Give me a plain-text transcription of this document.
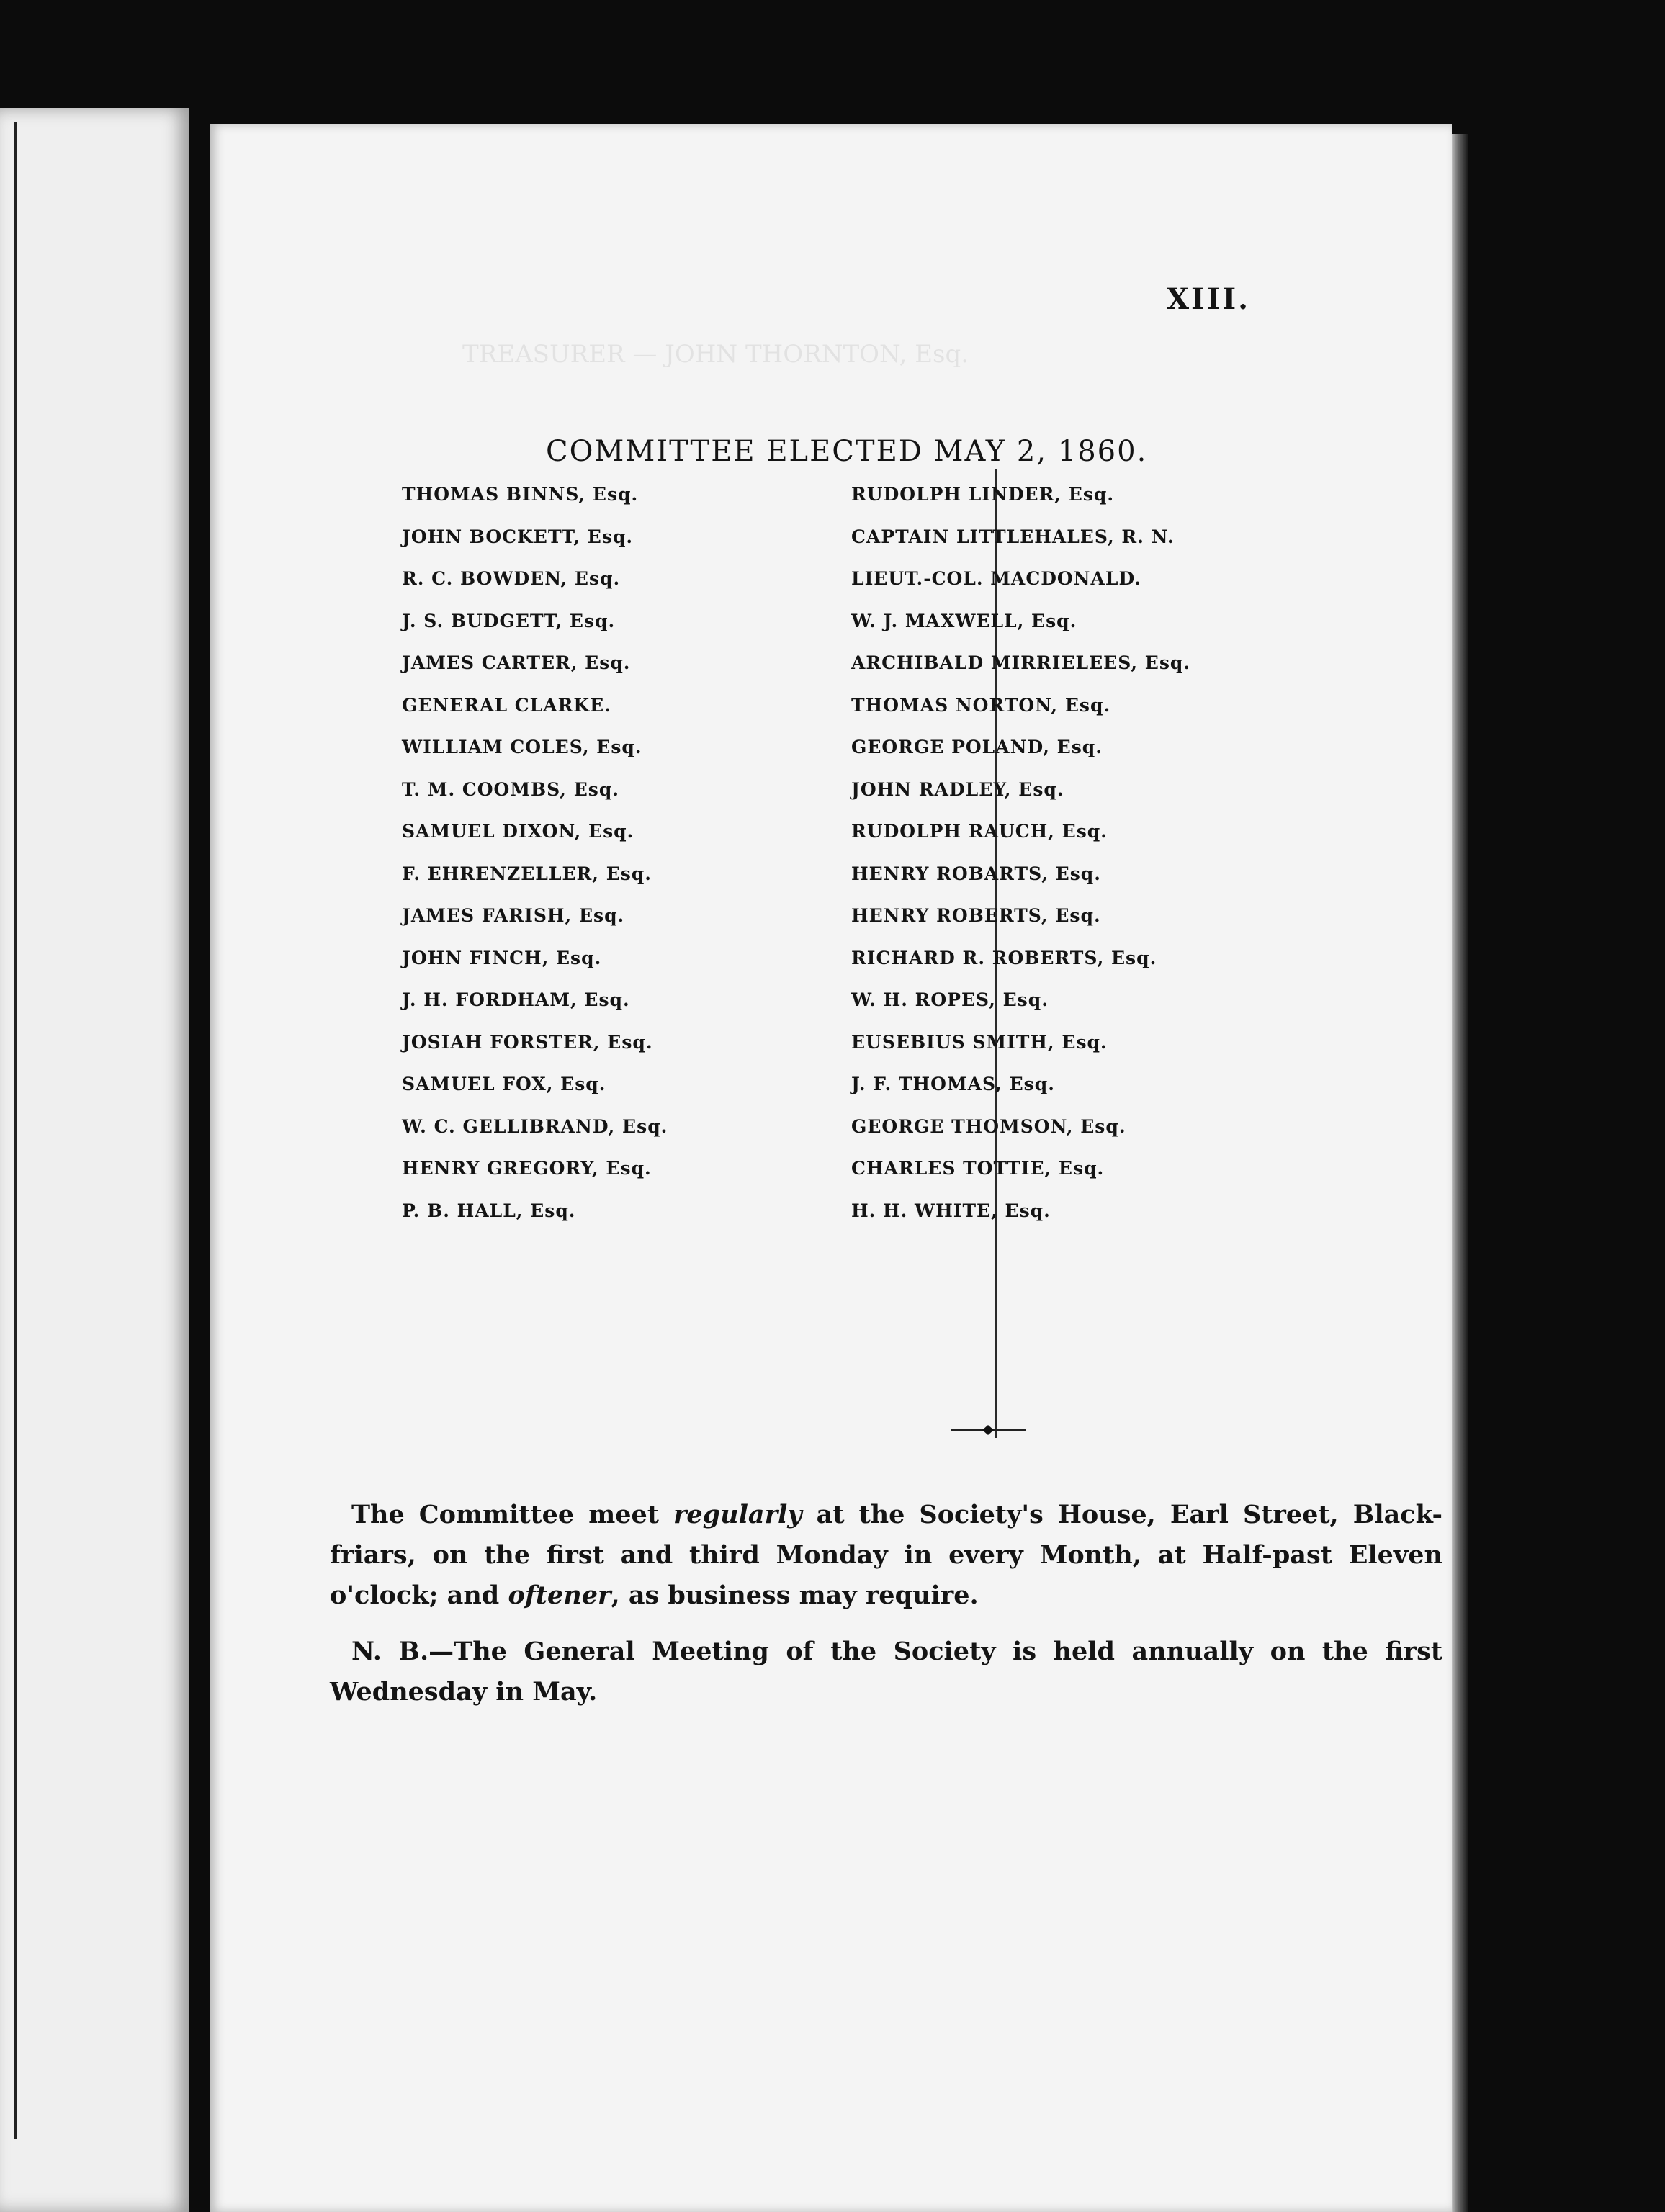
TREASURER — JOHN THORNTON, Esq.
XIII.
COMMITTEE ELECTED MAY 2, 1860.
THOMAS BINNS, Esq.
JOHN BOCKETT, Esq.
R. C. BOWDEN, Esq.
J. S. BUDGETT, Esq.
JAMES CARTER, Esq.
GENERAL CLARKE.
WILLIAM COLES, Esq.
T. M. COOMBS, Esq.
SAMUEL DIXON, Esq.
F. EHRENZELLER, Esq.
JAMES FARISH, Esq.
JOHN FINCH, Esq.
J. H. FORDHAM, Esq.
JOSIAH FORSTER, Esq.
SAMUEL FOX, Esq.
W. C. GELLIBRAND, Esq.
HENRY GREGORY, Esq.
P. B. HALL, Esq.
RUDOLPH LINDER, Esq.
CAPTAIN LITTLEHALES, R. N.
LIEUT.-COL. MACDONALD.
W. J. MAXWELL, Esq.
ARCHIBALD MIRRIELEES, Esq.
THOMAS NORTON, Esq.
GEORGE POLAND, Esq.
JOHN RADLEY, Esq.
RUDOLPH RAUCH, Esq.
HENRY ROBARTS, Esq.
HENRY ROBERTS, Esq.
RICHARD R. ROBERTS, Esq.
W. H. ROPES, Esq.
EUSEBIUS SMITH, Esq.
J. F. THOMAS, Esq.
GEORGE THOMSON, Esq.
CHARLES TOTTIE, Esq.
H. H. WHITE, Esq.

The Committee meet regularly at the Society's House, Earl Street, Black-friars, on the first and third Monday in every Month, at Half-past Eleven o'clock; and oftener, as business may require.

N. B.—The General Meeting of the Society is held annually on the first Wednesday in May.
